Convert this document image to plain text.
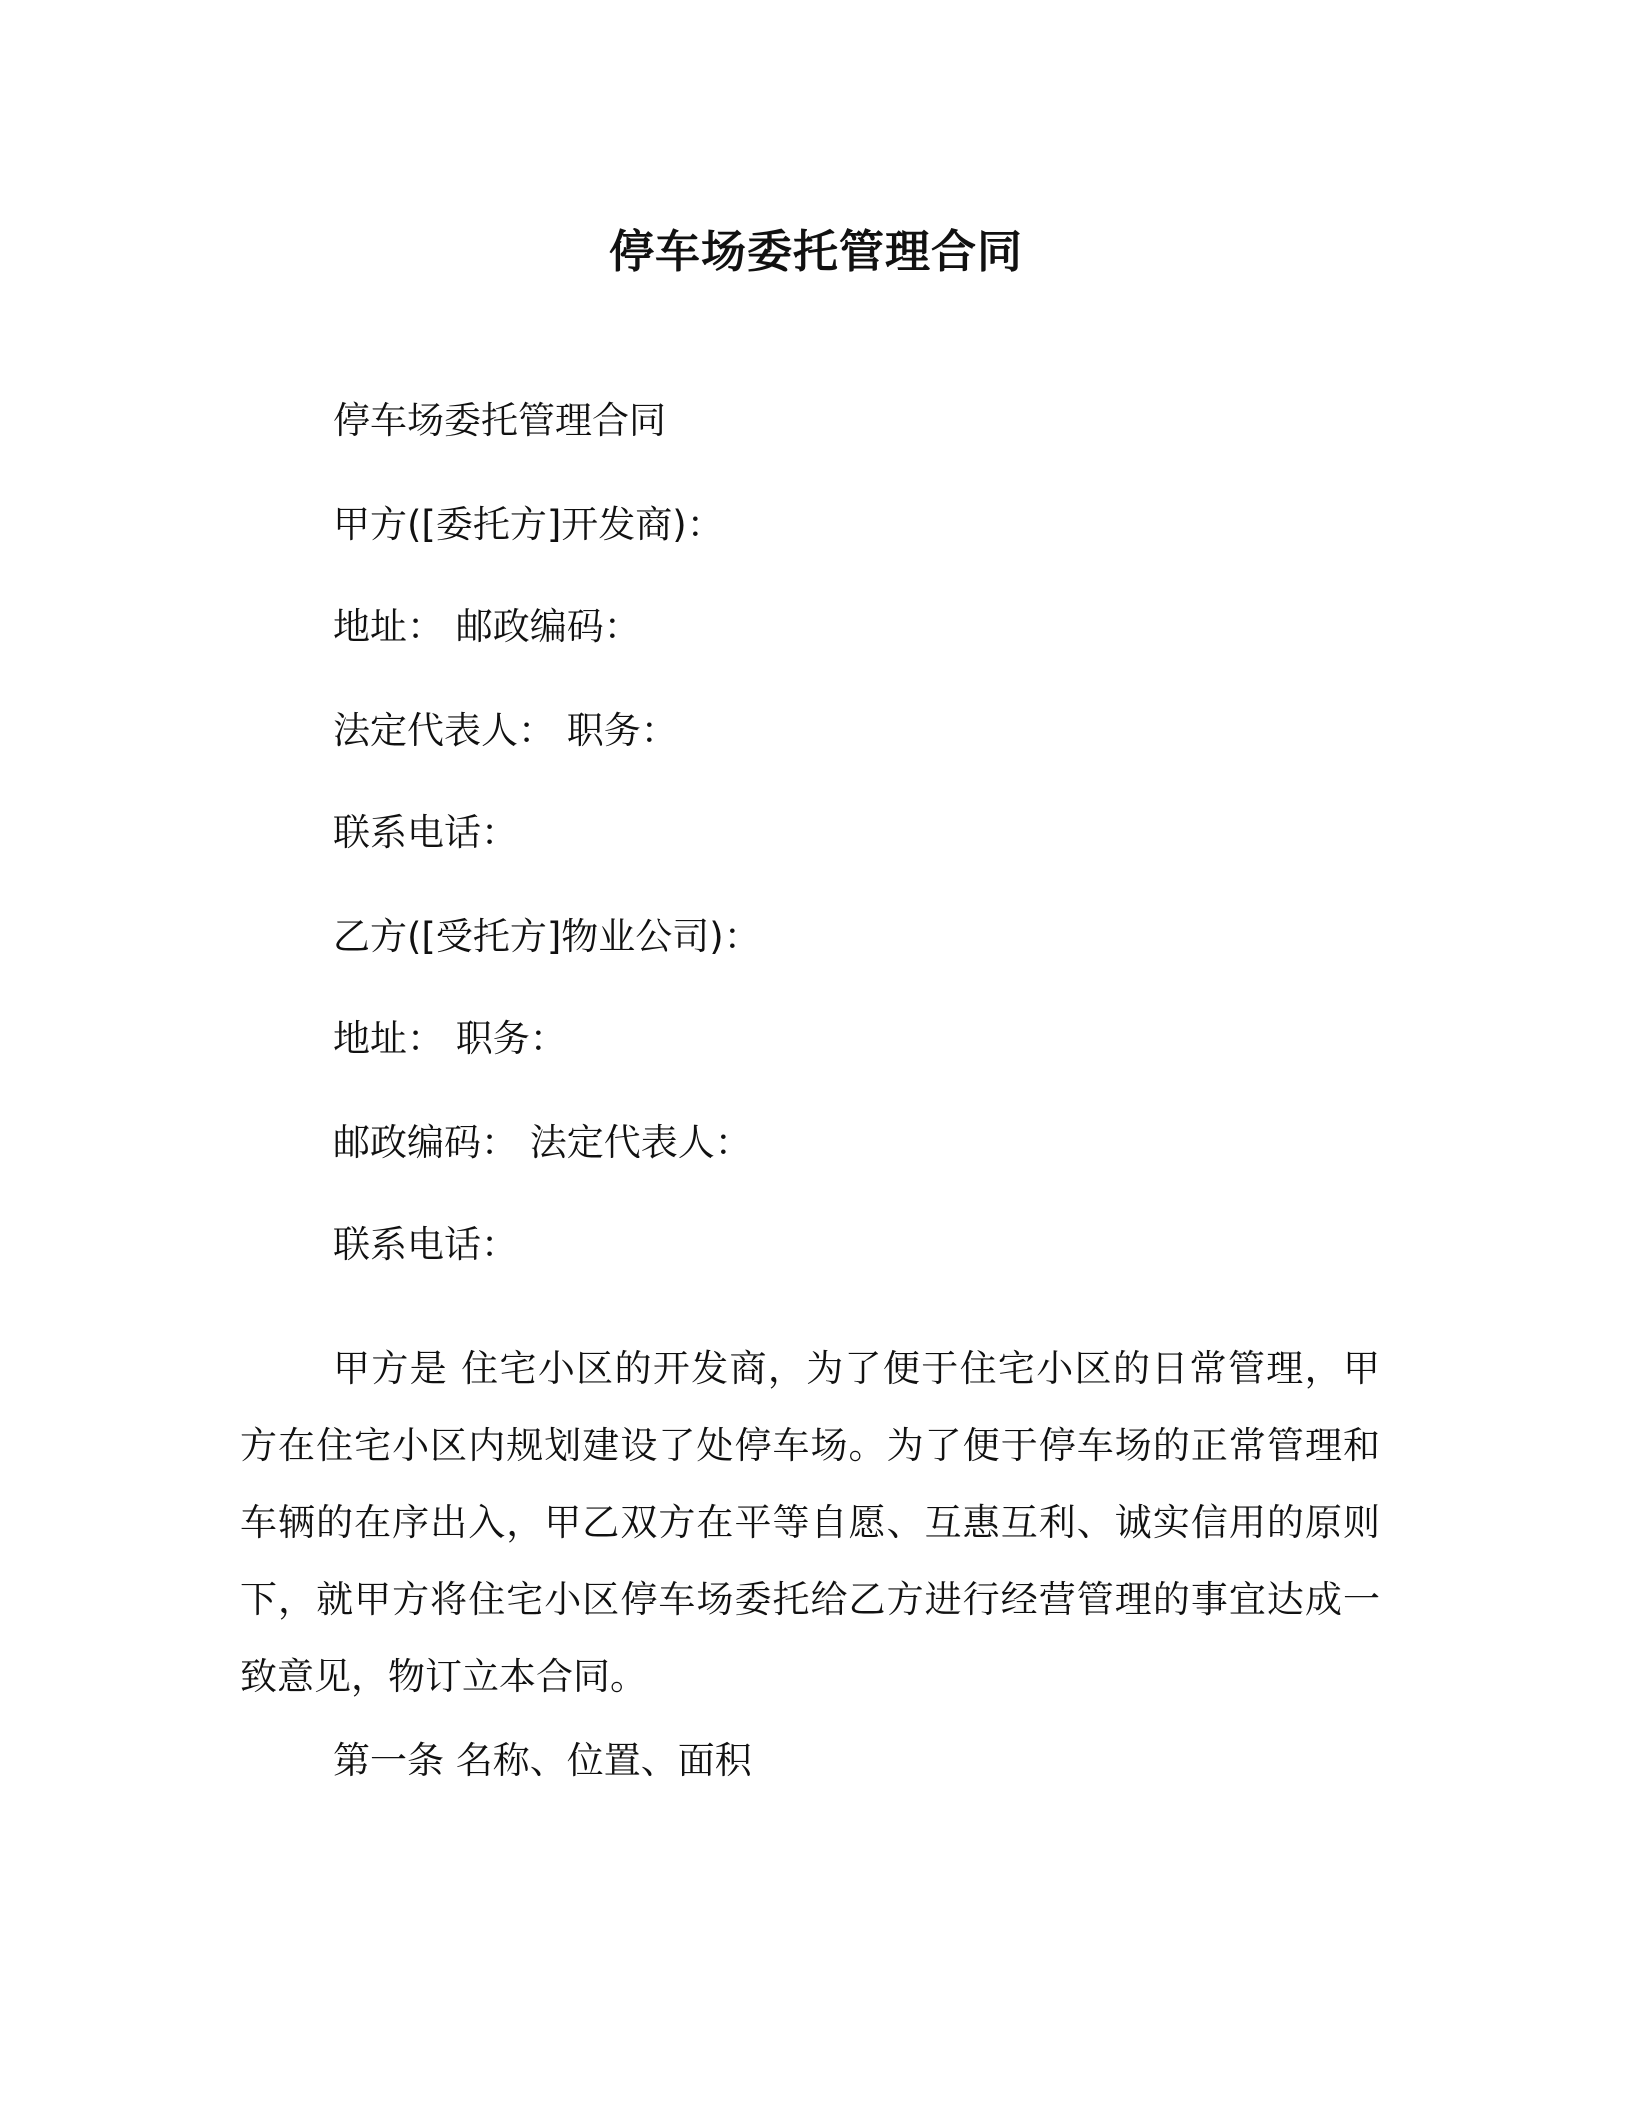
停车场委托管理合同
停车场委托管理合同
甲方([委托方]开发商)：
地址： 邮政编码：
法定代表人： 职务：
联系电话：
乙方([受托方]物业公司)：
地址： 职务：
邮政编码： 法定代表人：
联系电话：
甲方是 住宅小区的开发商，为了便于住宅小区的日常管理，甲方在住宅小区内规划建设了处停车场。为了便于停车场的正常管理和车辆的在序出入，甲乙双方在平等自愿、互惠互利、诚实信用的原则下，就甲方将住宅小区停车场委托给乙方进行经营管理的事宜达成一致意见，物订立本合同。
第一条 名称、位置、面积
